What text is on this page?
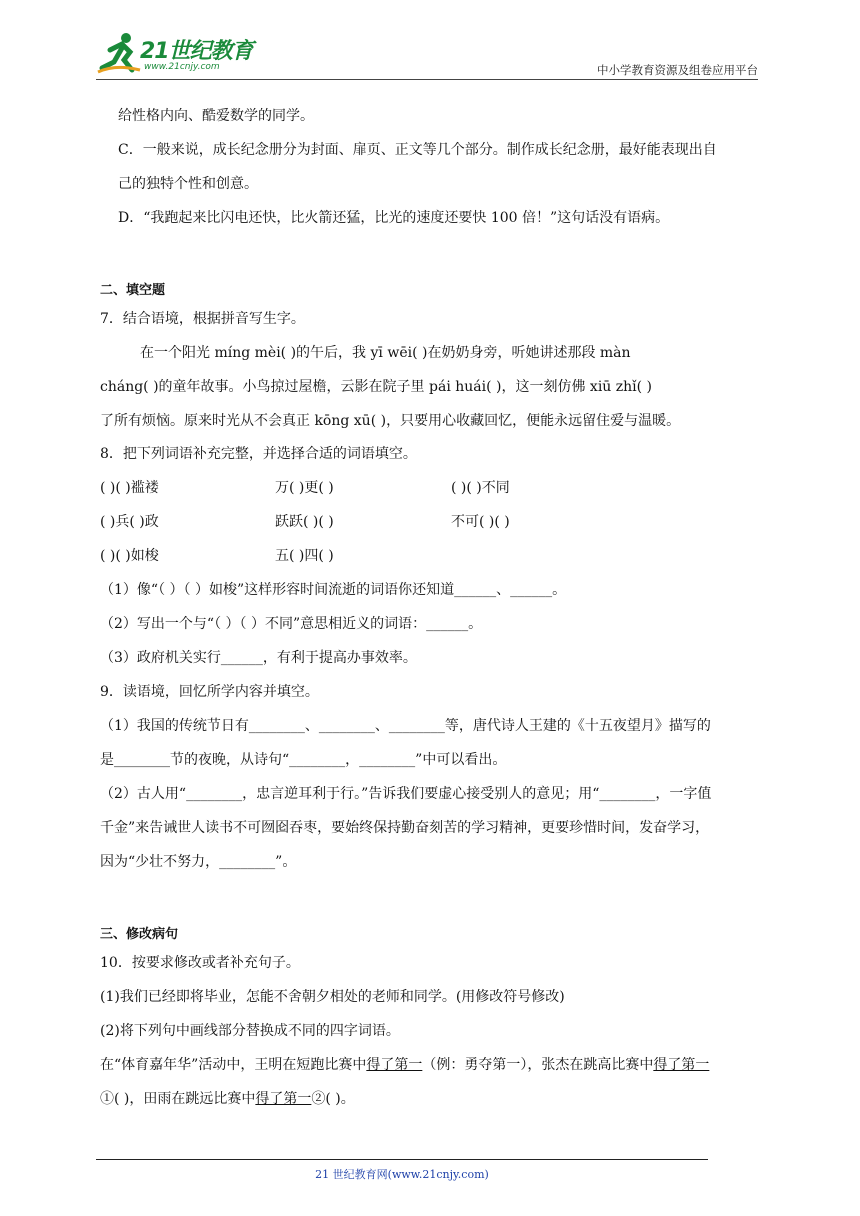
21世纪教育
www.21cnjy.com	中小学教育资源及组卷应用平台
给性格内向、酷爱数学的同学。
C．一般来说，成长纪念册分为封面、扉页、正文等几个部分。制作成长纪念册，最好能表现出自
己的独特个性和创意。
D．“我跑起来比闪电还快，比火箭还猛，比光的速度还要快 100 倍！”这句话没有语病。
二、填空题
7．结合语境，根据拼音写生字。
在一个阳光 míng mèi( )的午后，我 yī wēi( )在奶奶身旁，听她讲述那段 màn
cháng( )的童年故事。小鸟掠过屋檐，云影在院子里 pái huái( )，这一刻仿佛 xiū zhǐ( )
了所有烦恼。原来时光从不会真正 kōng xū( )，只要用心收藏回忆，便能永远留住爱与温暖。
8．把下列词语补充完整，并选择合适的词语填空。
( )( )褴褛	万( )更( )	( )( )不同
( )兵( )政	跃跃( )( )	不可( )( )
( )( )如梭	五( )四( )
（1）像“（ ）（ ）如梭”这样形容时间流逝的词语你还知道______、______。
（2）写出一个与“（ ）（ ）不同”意思相近义的词语：______。
（3）政府机关实行______，有利于提高办事效率。
9．读语境，回忆所学内容并填空。
（1）我国的传统节日有________、________、________等，唐代诗人王建的《十五夜望月》描写的
是________节的夜晚，从诗句“________，________”中可以看出。
（2）古人用“________，忠言逆耳利于行。”告诉我们要虚心接受别人的意见；用“________，一字值
千金”来告诫世人读书不可囫囵吞枣，要始终保持勤奋刻苦的学习精神，更要珍惜时间，发奋学习，
因为“少壮不努力，________”。
三、修改病句
10．按要求修改或者补充句子。
(1)我们已经即将毕业，怎能不舍朝夕相处的老师和同学。(用修改符号修改)
(2)将下列句中画线部分替换成不同的四字词语。
在“体育嘉年华”活动中，王明在短跑比赛中得了第一（例：勇夺第一），张杰在跳高比赛中得了第一
①( )，田雨在跳远比赛中得了第一②( )。
21 世纪教育网(www.21cnjy.com)
